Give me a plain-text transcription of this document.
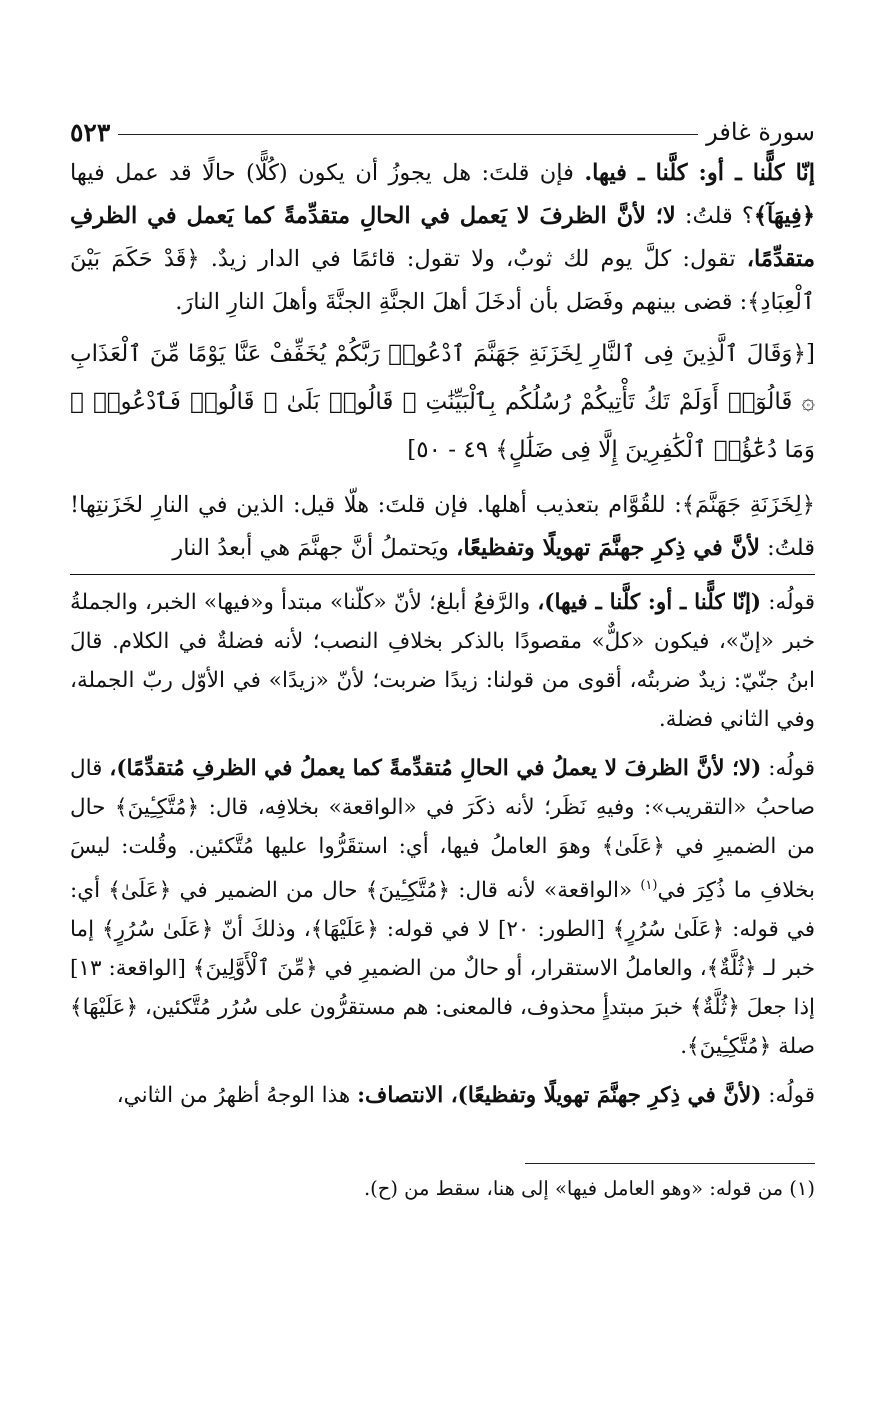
سورة غافر
٥٢٣

إنّا كلًّنا ـ أو: كلَّنا ـ فيها. فإن قلتَ: هل يجوزُ أن يكون (كُلًّا) حالًا قد عمل فيها ﴿فِيهَآ﴾؟ قلتُ: لا؛ لأنَّ الظرفَ لا يَعمل في الحالِ متقدِّمةً كما يَعمل في الظرفِ متقدِّمًا، تقول: كلَّ يوم لك ثوبٌ، ولا تقول: قائمًا في الدار زيدٌ. ﴿قَدْ حَكَمَ بَيْنَ ٱلْعِبَادِ﴾: قضى بينهم وفَصَل بأن أدخَلَ أهلَ الجنَّةِ الجنَّةَ وأهلَ النارِ النارَ.

[﴿وَقَالَ ٱلَّذِينَ فِى ٱلنَّارِ لِخَزَنَةِ جَهَنَّمَ ٱدْعُوا۟ رَبَّكُمْ يُخَفِّفْ عَنَّا يَوْمًا مِّنَ ٱلْعَذَابِ ۞ قَالُوٓا۟ أَوَلَمْ تَكُ تَأْتِيكُمْ رُسُلُكُم بِٱلْبَيِّنَٰتِ ۖ قَالُوا۟ بَلَىٰ ۚ قَالُوا۟ فَٱدْعُوا۟ ۗ وَمَا دُعَٰٓؤُا۟ ٱلْكَٰفِرِينَ إِلَّا فِى ضَلَٰلٍ﴾ ٤٩ - ٥٠]

﴿لِخَزَنَةِ جَهَنَّمَ﴾: للقُوَّام بتعذيب أهلها. فإن قلتَ: هلّا قيل: الذين في النارِ لخَزَنتِها! قلتُ: لأنَّ في ذِكرِ جهنَّمَ تهويلًا وتفظيعًا، ويَحتملُ أنَّ جهنَّمَ هي أبعدُ النار

قولُه: (إنّا كلًّنا ـ أو: كلَّنا ـ فيها)، والرَّفعُ أبلغ؛ لأنّ «كلّنا» مبتدأ و«فيها» الخبر، والجملةُ خبر «إنّ»، فيكون «كلٌّ» مقصودًا بالذكر بخلافِ النصب؛ لأنه فضلةٌ في الكلام. قالَ ابنُ جنّيّ: زيدٌ ضربتُه، أقوى من قولنا: زيدًا ضربت؛ لأنّ «زيدًا» في الأوّل ربّ الجملة، وفي الثاني فضلة.

قولُه: (لا؛ لأنَّ الظرفَ لا يعملُ في الحالِ مُتقدِّمةً كما يعملُ في الظرفِ مُتقدِّمًا)، قال صاحبُ «التقريب»: وفيهِ نَظَر؛ لأنه ذكَرَ في «الواقعة» بخلافِه، قال: ﴿مُتَّكِـِٔينَ﴾ حال من الضميرِ في ﴿عَلَىٰ﴾ وهوَ العاملُ فيها، أي: استقَرُّوا عليها مُتَّكئين. وقُلت: ليسَ بخلافِ ما ذُكِرَ في$^{(١)}$ «الواقعة» لأنه قال: ﴿مُتَّكِـِٔينَ﴾ حال من الضمير في ﴿عَلَىٰ﴾ أي: في قوله: ﴿عَلَىٰ سُرُرٍ﴾ [الطور: ٢٠] لا في قوله: ﴿عَلَيْهَا﴾، وذلكَ أنّ ﴿عَلَىٰ سُرُرٍ﴾ إما خبر لـ ﴿ثُلَّةٌ﴾، والعاملُ الاستقرار، أو حالٌ من الضميرِ في ﴿مِّنَ ٱلْأَوَّلِينَ﴾ [الواقعة: ١٣] إذا جعلَ ﴿ثُلَّةٌ﴾ خبرَ مبتدأٍ محذوف، فالمعنى: هم مستقرُّون على سُرُر مُتَّكئين، ﴿عَلَيْهَا﴾ صلة ﴿مُتَّكِـِٔينَ﴾.

قولُه: (لأنَّ في ذِكرِ جهنَّمَ تهويلًا وتفظيعًا)، الانتصاف: هذا الوجهُ أظهرُ من الثاني،

(١) من قوله: «وهو العامل فيها» إلى هنا، سقط من (ح).
